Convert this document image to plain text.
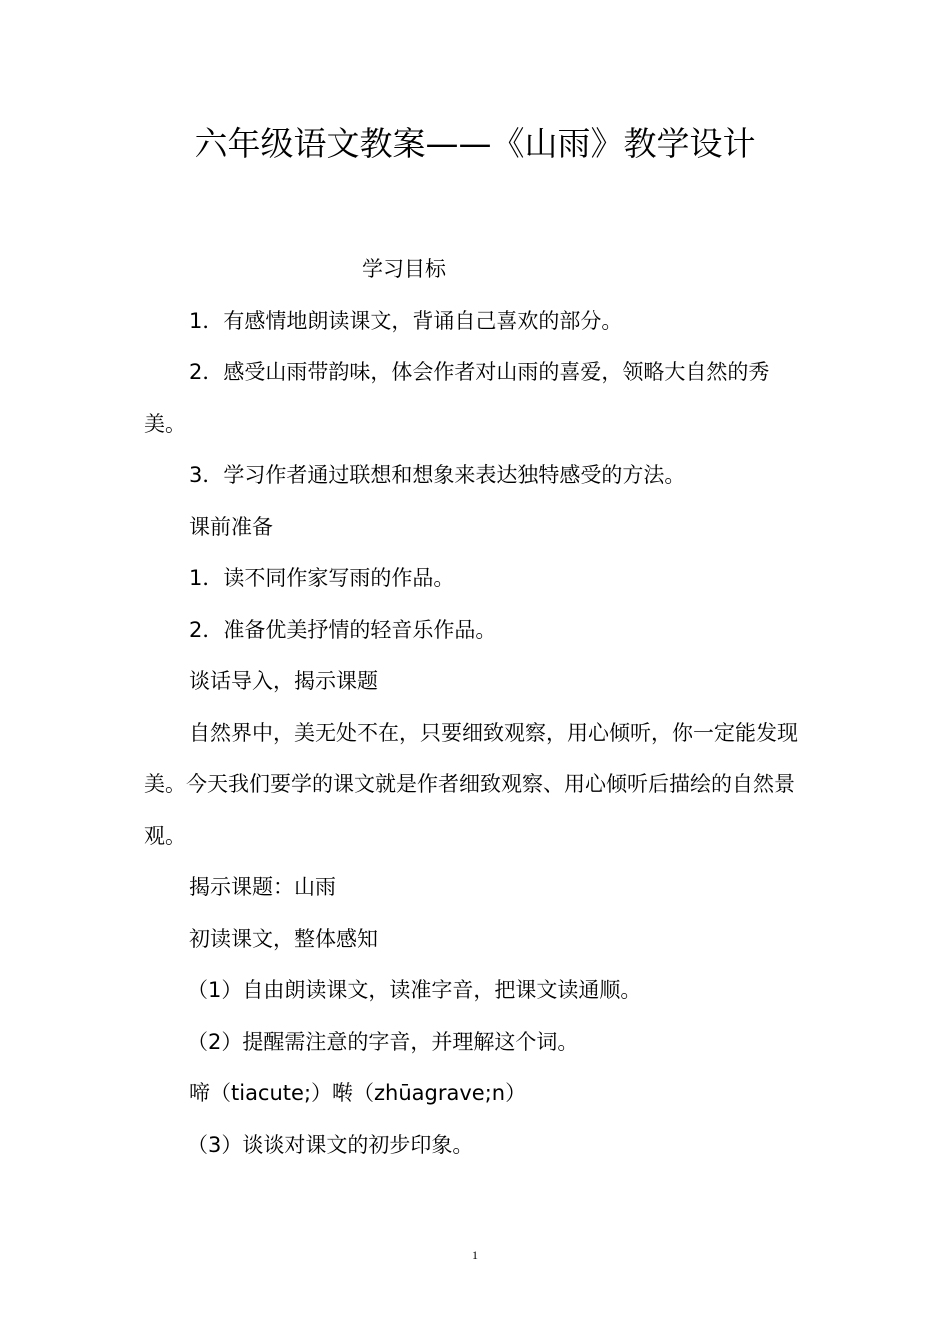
六年级语文教案——《山雨》教学设计

学习目标

1．有感情地朗读课文，背诵自己喜欢的部分。

2．感受山雨带韵味，体会作者对山雨的喜爱，领略大自然的秀美。

3．学习作者通过联想和想象来表达独特感受的方法。

课前准备

1．读不同作家写雨的作品。

2．准备优美抒情的轻音乐作品。

谈话导入，揭示课题

自然界中，美无处不在，只要细致观察，用心倾听，你一定能发现美。今天我们要学的课文就是作者细致观察、用心倾听后描绘的自然景观。

揭示课题：山雨

初读课文，整体感知

（1）自由朗读课文，读准字音，把课文读通顺。

（2）提醒需注意的字音，并理解这个词。

啼（tiacute;）啭（zhūagrave;n）

（3）谈谈对课文的初步印象。

1
